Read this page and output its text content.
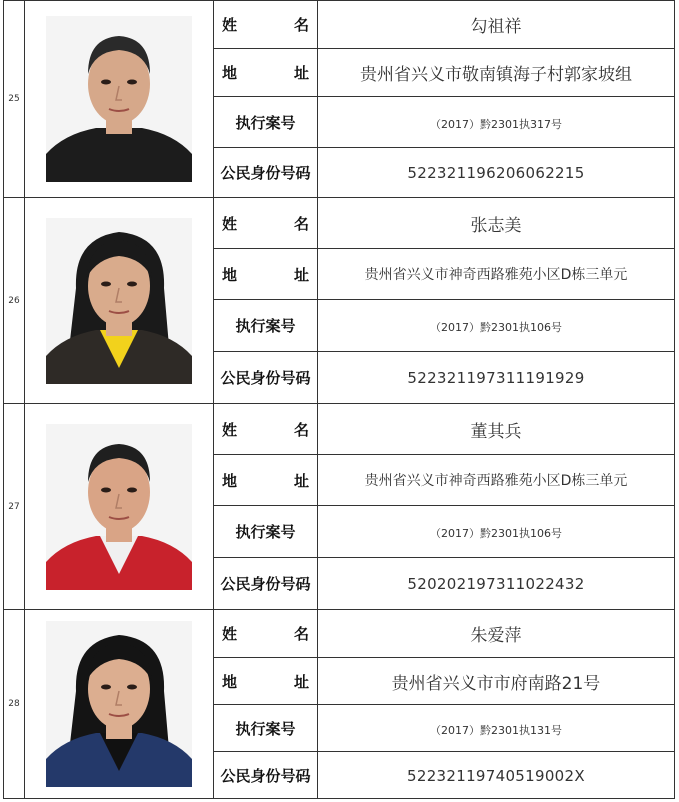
25		姓 名	勾祖祥

		地 址	贵州省兴义市敬南镇海子村郭家坡组

		执行案号	（2017）黔2301执317号

		公民身份号码	522321196206062215
26		姓 名	张志美

		地 址	贵州省兴义市神奇西路雅苑小区D栋三单元

		执行案号	（2017）黔2301执106号

		公民身份号码	522321197311191929
27		姓 名	董其兵

		地 址	贵州省兴义市神奇西路雅苑小区D栋三单元

		执行案号	（2017）黔2301执106号

		公民身份号码	520202197311022432
28		姓 名	朱爱萍

		地 址	贵州省兴义市市府南路21号

		执行案号	（2017）黔2301执131号

		公民身份号码	52232119740519002X
